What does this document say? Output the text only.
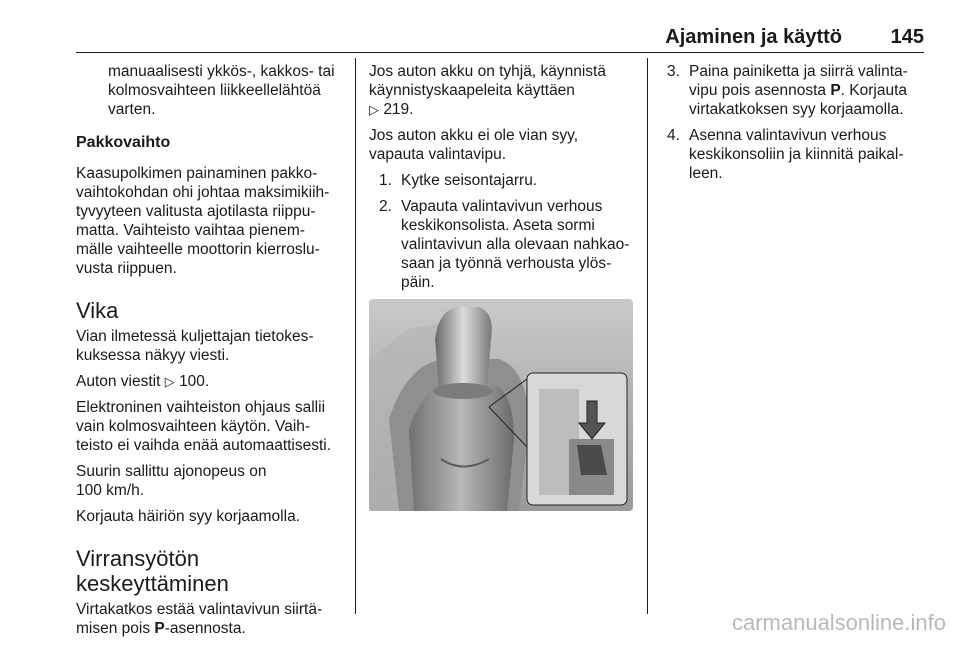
Ajaminen ja käyttö 145
manuaalisesti ykkös-, kakkos- tai
kolmosvaihteen liikkeellelähtöä
varten.
Pakkovaihto
Kaasupolkimen painaminen pakko-
vaihtokohdan ohi johtaa maksimikiih-
tyvyyteen valitusta ajotilasta riippu-
matta. Vaihteisto vaihtaa pienem-
mälle vaihteelle moottorin kierroslu-
vusta riippuen.
Vika
Vian ilmetessä kuljettajan tietokes-
kuksessa näkyy viesti.
Auton viestit ▷ 100.
Elektroninen vaihteiston ohjaus sallii
vain kolmosvaihteen käytön. Vaih-
teisto ei vaihda enää automaattisesti.
Suurin sallittu ajonopeus on
100 km/h.
Korjauta häiriön syy korjaamolla.
Virransyötön
keskeyttäminen
Virtakatkos estää valintavivun siirtä-
misen pois P-asennosta.
Jos auton akku on tyhjä, käynnistä
käynnistyskaapeleita käyttäen
▷ 219.
Jos auton akku ei ole vian syy,
vapauta valintavipu.
1. Kytke seisontajarru.
2. Vapauta valintavivun verhous
keskikonsolista. Aseta sormi
valintavivun alla olevaan nahkao-
saan ja työnnä verhousta ylös-
päin.
3. Paina painiketta ja siirrä valinta-
vipu pois asennosta P. Korjauta
virtakatkoksen syy korjaamolla.
4. Asenna valintavivun verhous
keskikonsoliin ja kiinnitä paikal-
leen.
carmanualsonline.info
